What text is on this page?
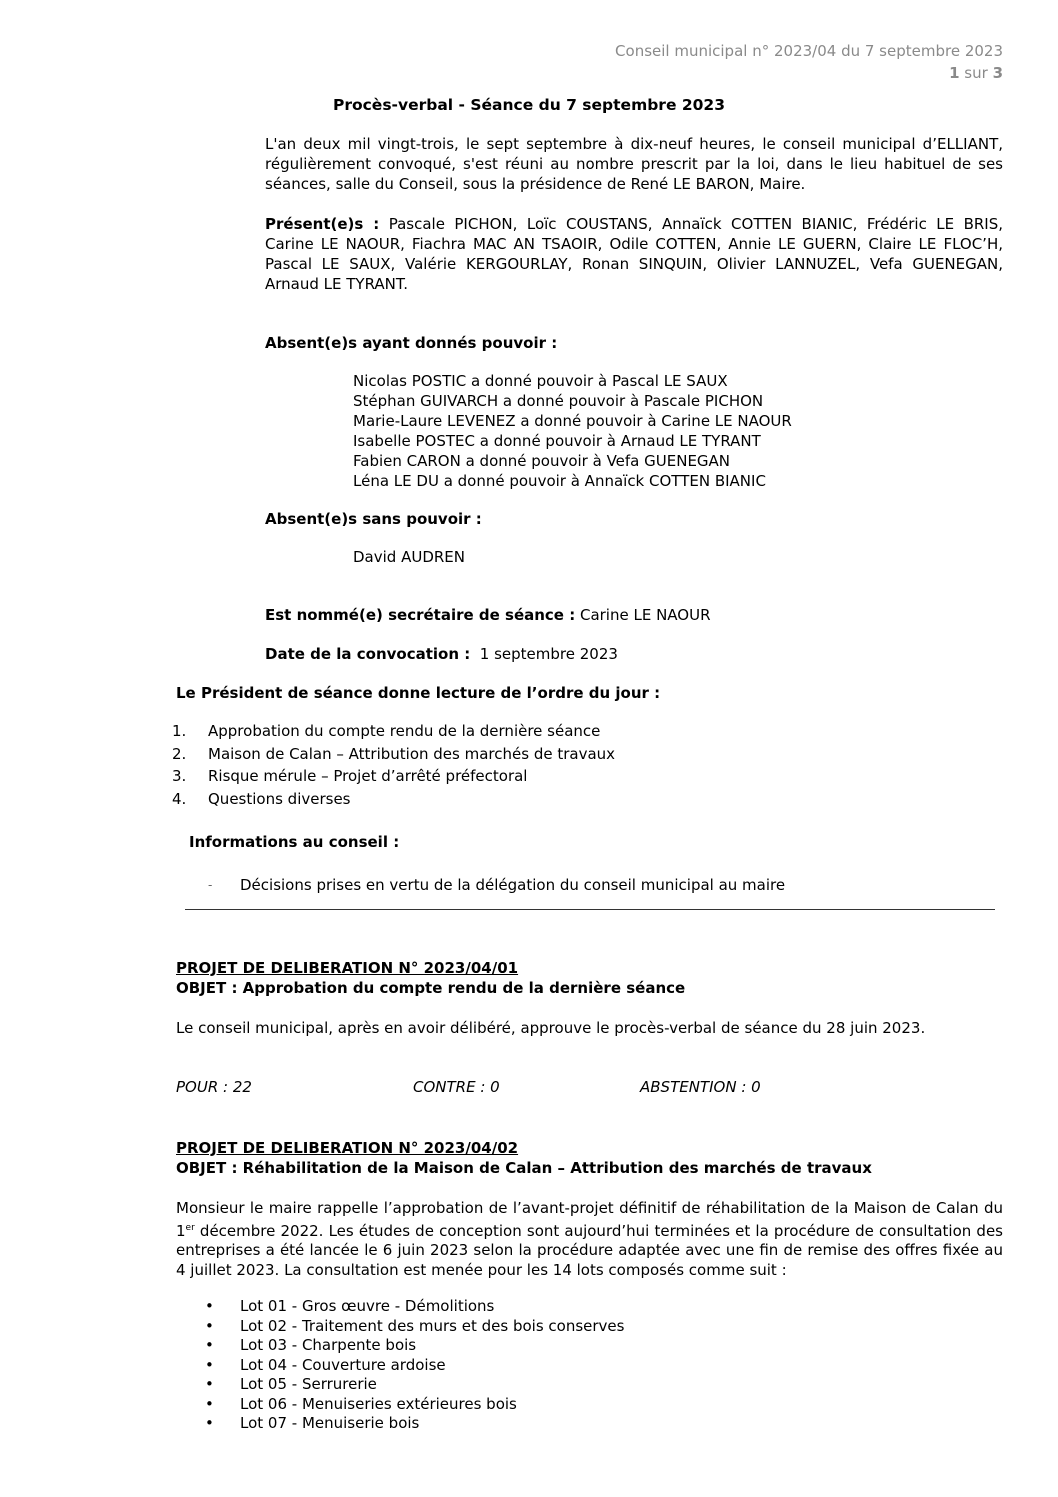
Conseil municipal n° 2023/04 du 7 septembre 2023
1 sur 3
Procès-verbal - Séance du 7 septembre 2023
L'an deux mil vingt-trois, le sept septembre à dix-neuf heures, le conseil municipal d’ELLIANT, régulièrement convoqué, s'est réuni au nombre prescrit par la loi, dans le lieu habituel de ses séances, salle du Conseil, sous la présidence de René LE BARON, Maire.
Présent(e)s : Pascale PICHON, Loïc COUSTANS, Annaïck COTTEN BIANIC, Frédéric LE BRIS, Carine LE NAOUR, Fiachra MAC AN TSAOIR, Odile COTTEN, Annie LE GUERN, Claire LE FLOC’H, Pascal LE SAUX, Valérie KERGOURLAY, Ronan SINQUIN, Olivier LANNUZEL, Vefa GUENEGAN, Arnaud LE TYRANT.
Absent(e)s ayant donnés pouvoir :
Nicolas POSTIC a donné pouvoir à Pascal LE SAUX
Stéphan GUIVARCH a donné pouvoir à Pascale PICHON
Marie-Laure LEVENEZ a donné pouvoir à Carine LE NAOUR
Isabelle POSTEC a donné pouvoir à Arnaud LE TYRANT
Fabien CARON a donné pouvoir à Vefa GUENEGAN
Léna LE DU a donné pouvoir à Annaïck COTTEN BIANIC
Absent(e)s sans pouvoir :
David AUDREN
Est nommé(e) secrétaire de séance : Carine LE NAOUR
Date de la convocation :  1 septembre 2023
Le Président de séance donne lecture de l’ordre du jour :
1.	Approbation du compte rendu de la dernière séance
2.	Maison de Calan – Attribution des marchés de travaux
3.	Risque mérule – Projet d’arrêté préfectoral
4.	Questions diverses
Informations au conseil :
-	Décisions prises en vertu de la délégation du conseil municipal au maire
PROJET DE DELIBERATION N° 2023/04/01
OBJET : Approbation du compte rendu de la dernière séance
Le conseil municipal, après en avoir délibéré, approuve le procès-verbal de séance du 28 juin 2023.
POUR : 22	CONTRE : 0	ABSTENTION : 0
PROJET DE DELIBERATION N° 2023/04/02
OBJET : Réhabilitation de la Maison de Calan – Attribution des marchés de travaux
Monsieur le maire rappelle l’approbation de l’avant-projet définitif de réhabilitation de la Maison de Calan du 1er décembre 2022. Les études de conception sont aujourd’hui terminées et la procédure de consultation des entreprises a été lancée le 6 juin 2023 selon la procédure adaptée avec une fin de remise des offres fixée au 4 juillet 2023. La consultation est menée pour les 14 lots composés comme suit :
•	Lot 01 - Gros œuvre - Démolitions
•	Lot 02 - Traitement des murs et des bois conserves
•	Lot 03 - Charpente bois
•	Lot 04 - Couverture ardoise
•	Lot 05 - Serrurerie
•	Lot 06 - Menuiseries extérieures bois
•	Lot 07 - Menuiserie bois
